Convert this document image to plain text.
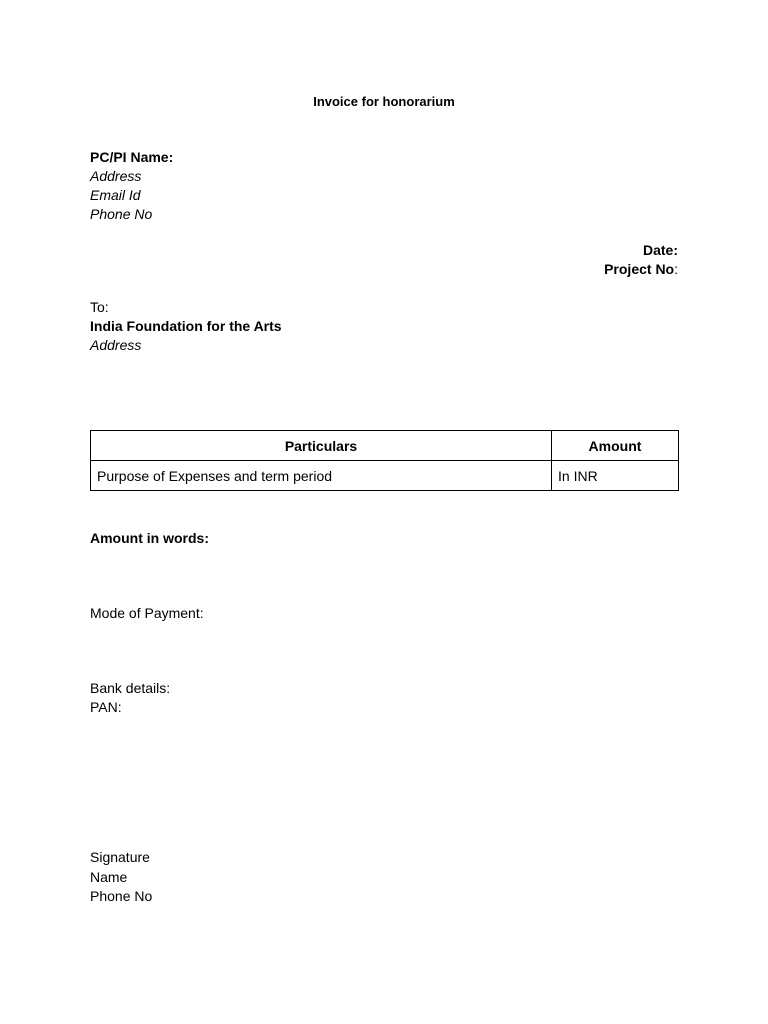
Invoice for honorarium
PC/PI Name:
Address
Email Id
Phone No
Date:
Project No:
To:
India Foundation for the Arts
Address
Particulars	Amount
Purpose of Expenses and term period	In INR
Amount in words:
Mode of Payment:
Bank details:
PAN:
Signature
Name
Phone No
